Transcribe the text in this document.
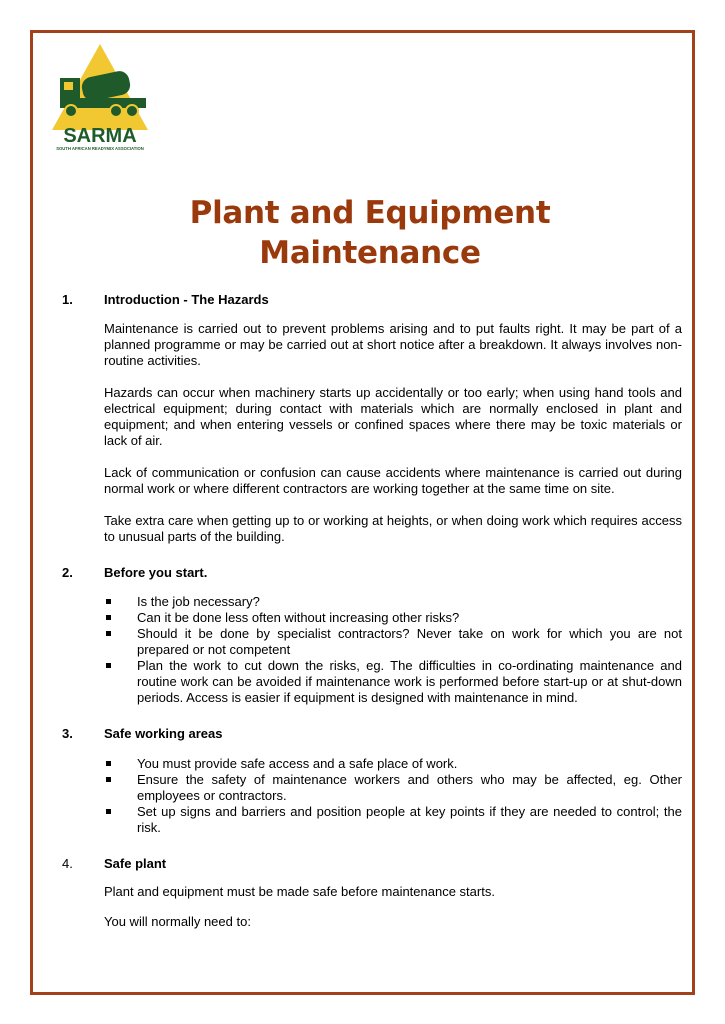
SARMA
SOUTH AFRICAN READYMIX ASSOCIATION
Plant and Equipment
Maintenance
1. Introduction - The Hazards
Maintenance is carried out to prevent problems arising and to put faults right. It may be part of a planned programme or may be carried out at short notice after a breakdown. It always involves non-routine activities.
Hazards can occur when machinery starts up accidentally or too early; when using hand tools and electrical equipment; during contact with materials which are normally enclosed in plant and equipment; and when entering vessels or confined spaces where there may be toxic materials or lack of air.
Lack of communication or confusion can cause accidents where maintenance is carried out during normal work or where different contractors are working together at the same time on site.
Take extra care when getting up to or working at heights, or when doing work which requires access to unusual parts of the building.
2. Before you start.
Is the job necessary?
Can it be done less often without increasing other risks?
Should it be done by specialist contractors? Never take on work for which you are not prepared or not competent
Plan the work to cut down the risks, eg. The difficulties in co-ordinating maintenance and routine work can be avoided if maintenance work is performed before start-up or at shut-down periods. Access is easier if equipment is designed with maintenance in mind.
3. Safe working areas
You must provide safe access and a safe place of work.
Ensure the safety of maintenance workers and others who may be affected, eg. Other employees or contractors.
Set up signs and barriers and position people at key points if they are needed to control; the risk.
4. Safe plant
Plant and equipment must be made safe before maintenance starts.
You will normally need to:
